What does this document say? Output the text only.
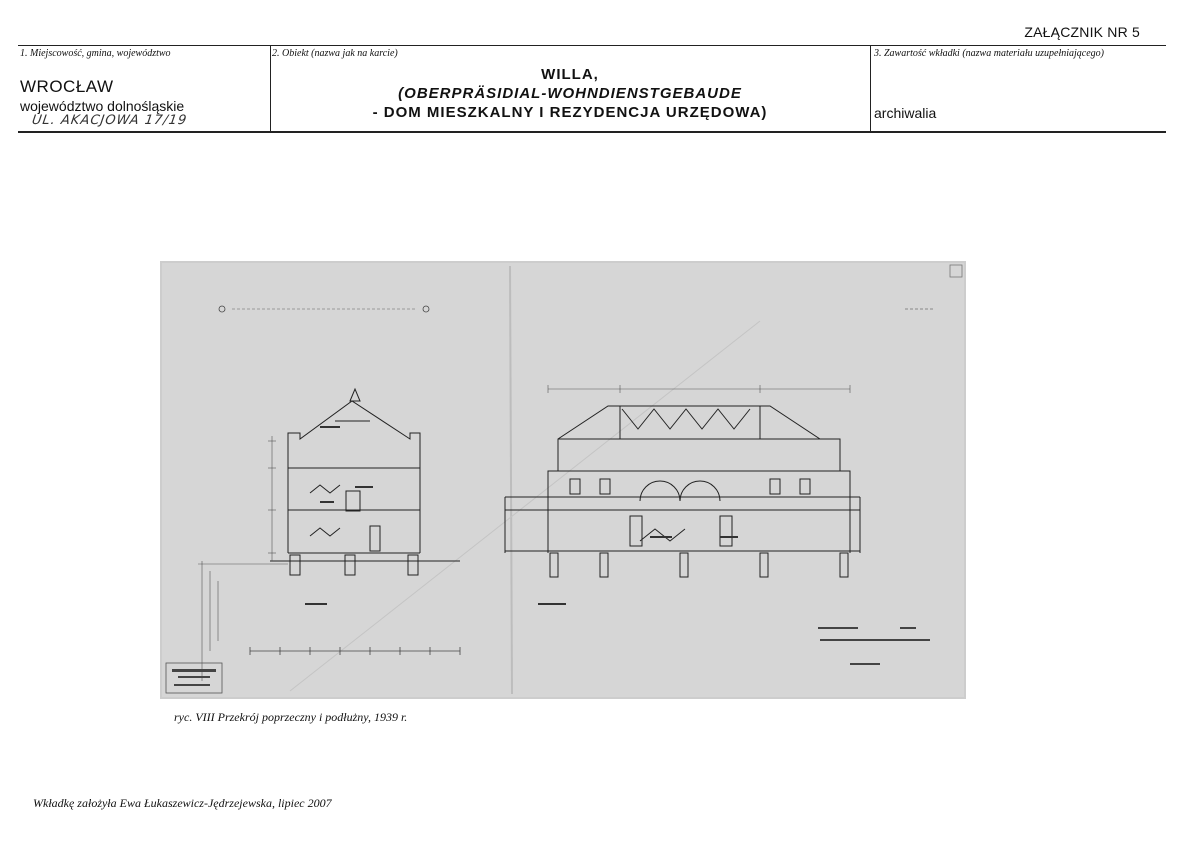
ZAŁĄCZNIK NR 5
1. Miejscowość, gmina, województwo
WROCŁAW
województwo dolnośląskie
UL. AKACJOWA 17/19
2. Obiekt (nazwa jak na karcie)
WILLA,
(OBERPRÄSIDIAL-WOHNDIENSTGEBAUDE
- DOM MIESZKALNY I REZYDENCJA URZĘDOWA)
3. Zawartość wkładki (nazwa materiału uzupełniającego)
archiwalia
ryc. VIII Przekrój poprzeczny i podłużny, 1939 r.
Wkładkę założyła Ewa Łukaszewicz-Jędrzejewska, lipiec 2007
